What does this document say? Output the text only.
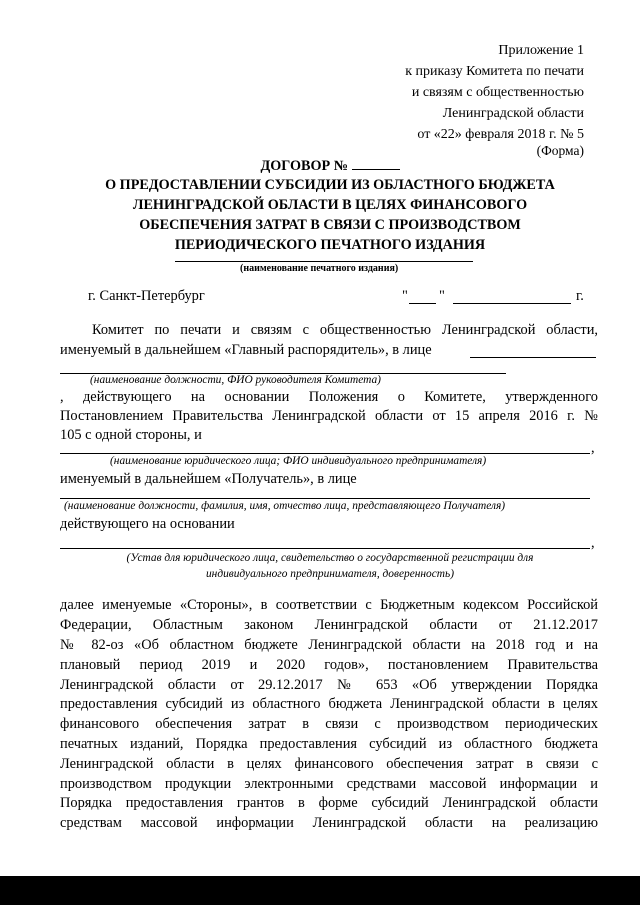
Приложение 1
к приказу Комитета по печати
и связям с общественностью
Ленинградской области
от «22» февраля 2018 г. № 5
(Форма)
ДОГОВОР №
О ПРЕДОСТАВЛЕНИИ СУБСИДИИ ИЗ ОБЛАСТНОГО БЮДЖЕТА
ЛЕНИНГРАДСКОЙ ОБЛАСТИ В ЦЕЛЯХ ФИНАНСОВОГО
ОБЕСПЕЧЕНИЯ ЗАТРАТ В СВЯЗИ С ПРОИЗВОДСТВОМ
ПЕРИОДИЧЕСКОГО ПЕЧАТНОГО ИЗДАНИЯ
(наименование печатного издания)
г. Санкт-Петербург	" "	г.
Комитет по печати и связям с общественностью Ленинградской области,
именуемый в дальнейшем «Главный распорядитель», в лице
(наименование должности, ФИО руководителя Комитета)
, действующего на основании Положения о Комитете, утвержденного
Постановлением Правительства Ленинградской области от 15 апреля 2016 г. №
105 с одной стороны, и
,
(наименование юридического лица; ФИО индивидуального предпринимателя)
именуемый в дальнейшем «Получатель», в лице
(наименование должности, фамилия, имя, отчество лица, представляющего Получателя)
действующего на основании
,
(Устав для юридического лица, свидетельство о государственной регистрации для
индивидуального предпринимателя, доверенность)
далее именуемые «Стороны», в соответствии с Бюджетным кодексом Российской
Федерации, Областным законом Ленинградской области от 21.12.2017
№ 82-оз «Об областном бюджете Ленинградской области на 2018 год и на
плановый период 2019 и 2020 годов», постановлением Правительства
Ленинградской области от 29.12.2017 № 653 «Об утверждении Порядка
предоставления субсидий из областного бюджета Ленинградской области в целях
финансового обеспечения затрат в связи с производством периодических
печатных изданий, Порядка предоставления субсидий из областного бюджета
Ленинградской области в целях финансового обеспечения затрат в связи с
производством продукции электронными средствами массовой информации и
Порядка предоставления грантов в форме субсидий Ленинградской области
средствам массовой информации Ленинградской области на реализацию
